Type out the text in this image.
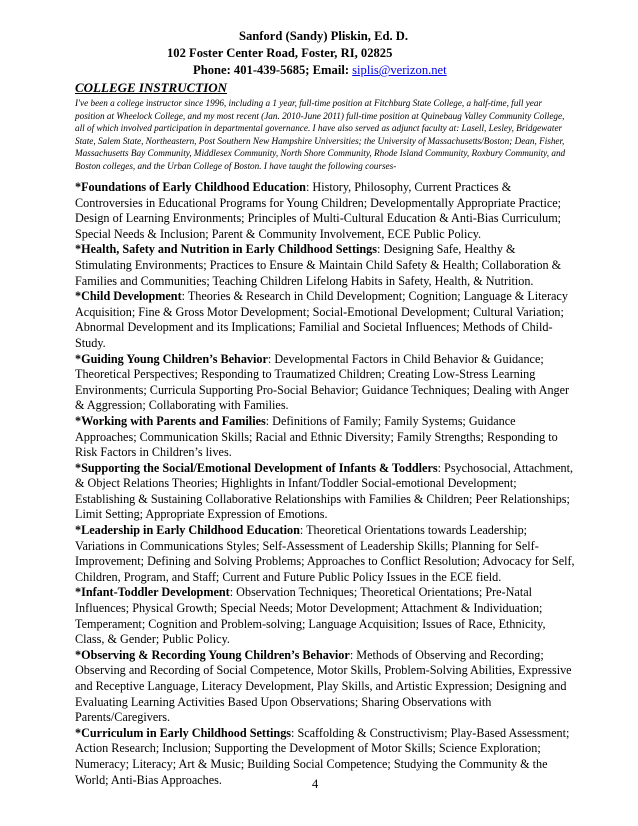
Sanford (Sandy) Pliskin, Ed. D.
102 Foster Center Road, Foster, RI, 02825
Phone: 401-439-5685; Email: siplis@verizon.net
COLLEGE INSTRUCTION
I've been a college instructor since 1996, including a 1 year, full-time position at Fitchburg State College, a half-time, full year position at Wheelock College, and my most recent (Jan. 2010-June 2011) full-time position at Quinebaug Valley Community College, all of which involved participation in departmental governance. I have also served as adjunct faculty at: Lasell, Lesley, Bridgewater State, Salem State, Northeastern, Post Southern New Hampshire Universities; the University of Massachusetts/Boston; Dean, Fisher, Massachusetts Bay Community, Middlesex Community, North Shore Community, Rhode Island Community, Roxbury Community, and Boston colleges, and the Urban College of Boston. I have taught the following courses-

*Foundations of Early Childhood Education: History, Philosophy, Current Practices & Controversies in Educational Programs for Young Children; Developmentally Appropriate Practice; Design of Learning Environments; Principles of Multi-Cultural Education & Anti-Bias Curriculum; Special Needs & Inclusion; Parent & Community Involvement, ECE Public Policy.

*Health, Safety and Nutrition in Early Childhood Settings: Designing Safe, Healthy & Stimulating Environments; Practices to Ensure & Maintain Child Safety & Health; Collaboration & Families and Communities; Teaching Children Lifelong Habits in Safety, Health, & Nutrition.

*Child Development: Theories & Research in Child Development; Cognition; Language & Literacy Acquisition; Fine & Gross Motor Development; Social-Emotional Development; Cultural Variation; Abnormal Development and its Implications; Familial and Societal Influences; Methods of Child-Study.

*Guiding Young Children’s Behavior: Developmental Factors in Child Behavior & Guidance; Theoretical Perspectives; Responding to Traumatized Children; Creating Low-Stress Learning Environments; Curricula Supporting Pro-Social Behavior; Guidance Techniques; Dealing with Anger & Aggression; Collaborating with Families.

*Working with Parents and Families: Definitions of Family; Family Systems; Guidance Approaches; Communication Skills; Racial and Ethnic Diversity; Family Strengths; Responding to Risk Factors in Children’s lives.

*Supporting the Social/Emotional Development of Infants & Toddlers: Psychosocial, Attachment, & Object Relations Theories; Highlights in Infant/Toddler Social-emotional Development; Establishing & Sustaining Collaborative Relationships with Families & Children; Peer Relationships; Limit Setting; Appropriate Expression of Emotions.

*Leadership in Early Childhood Education: Theoretical Orientations towards Leadership; Variations in Communications Styles; Self-Assessment of Leadership Skills; Planning for Self-Improvement; Defining and Solving Problems; Approaches to Conflict Resolution; Advocacy for Self, Children, Program, and Staff; Current and Future Public Policy Issues in the ECE field.

*Infant-Toddler Development: Observation Techniques; Theoretical Orientations; Pre-Natal Influences; Physical Growth; Special Needs; Motor Development; Attachment & Individuation; Temperament; Cognition and Problem-solving; Language Acquisition; Issues of Race, Ethnicity, Class, & Gender; Public Policy.

*Observing & Recording Young Children’s Behavior: Methods of Observing and Recording; Observing and Recording of Social Competence, Motor Skills, Problem-Solving Abilities, Expressive and Receptive Language, Literacy Development, Play Skills, and Artistic Expression; Designing and Evaluating Learning Activities Based Upon Observations; Sharing Observations with Parents/Caregivers.

*Curriculum in Early Childhood Settings: Scaffolding & Constructivism; Play-Based Assessment; Action Research; Inclusion; Supporting the Development of Motor Skills; Science Exploration; Numeracy; Literacy; Art & Music; Building Social Competence; Studying the Community & the World; Anti-Bias Approaches.	4
